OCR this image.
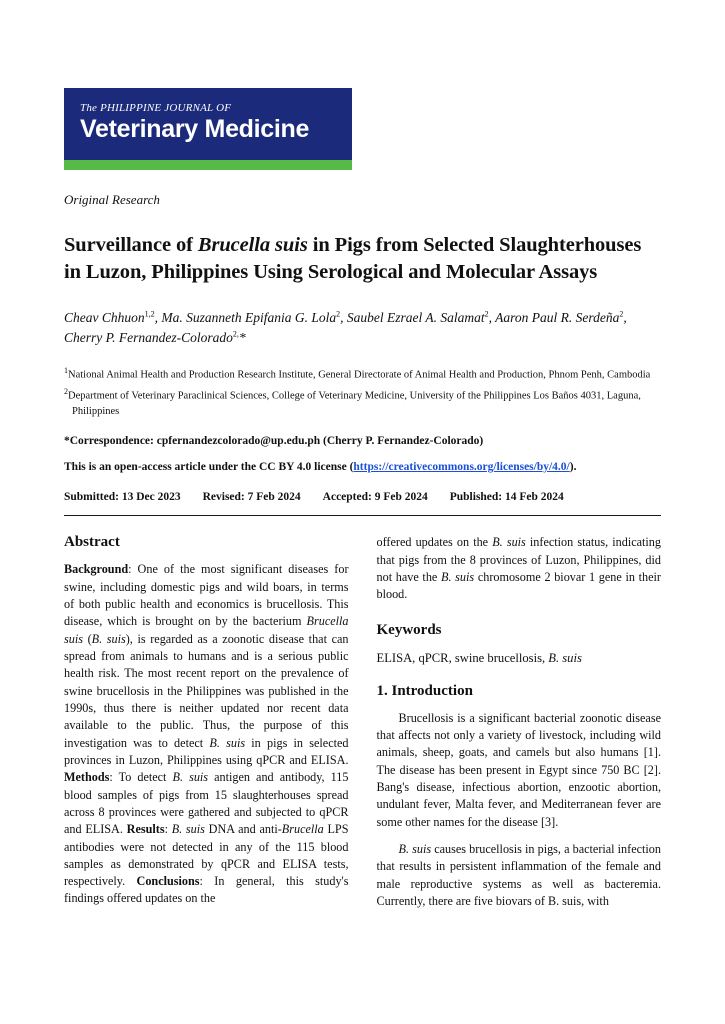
The PHILIPPINE JOURNAL OF
Veterinary Medicine
Original Research
Surveillance of Brucella suis in Pigs from Selected Slaughterhouses in Luzon, Philippines Using Serological and Molecular Assays
Cheav Chhuon$^{1,2}$, Ma. Suzanneth Epifania G. Lola$^2$, Saubel Ezrael A. Salamat$^2$, Aaron Paul R. Serdeña$^2$, Cherry P. Fernandez-Colorado$^{2,}$*
$^1$National Animal Health and Production Research Institute, General Directorate of Animal Health and Production, Phnom Penh, Cambodia
$^2$Department of Veterinary Paraclinical Sciences, College of Veterinary Medicine, University of the Philippines Los Baños 4031, Laguna, Philippines
*Correspondence: cpfernandezcolorado@up.edu.ph (Cherry P. Fernandez-Colorado)
This is an open-access article under the CC BY 4.0 license (https://creativecommons.org/licenses/by/4.0/).
Submitted: 13 Dec 2023 Revised: 7 Feb 2024 Accepted: 9 Feb 2024 Published: 14 Feb 2024
Abstract

Background: One of the most significant diseases for swine, including domestic pigs and wild boars, in terms of both public health and economics is brucellosis. This disease, which is brought on by the bacterium Brucella suis (B. suis), is regarded as a zoonotic disease that can spread from animals to humans and is a serious public health risk. The most recent report on the prevalence of swine brucellosis in the Philippines was published in the 1990s, thus there is neither updated nor recent data available to the public. Thus, the purpose of this investigation was to detect B. suis in pigs in selected provinces in Luzon, Philippines using qPCR and ELISA. Methods: To detect B. suis antigen and antibody, 115 blood samples of pigs from 15 slaughterhouses spread across 8 provinces were gathered and subjected to qPCR and ELISA. Results: B. suis DNA and anti-Brucella LPS antibodies were not detected in any of the 115 blood samples as demonstrated by qPCR and ELISA tests, respectively. Conclusions: In general, this study's findings offered updates on the

offered updates on the B. suis infection status, indicating that pigs from the 8 provinces of Luzon, Philippines, did not have the B. suis chromosome 2 biovar 1 gene in their blood.

Keywords

ELISA, qPCR, swine brucellosis, B. suis

1. Introduction

Brucellosis is a significant bacterial zoonotic disease that affects not only a variety of livestock, including wild animals, sheep, goats, and camels but also humans [1]. The disease has been present in Egypt since 750 BC [2]. Bang's disease, infectious abortion, enzootic abortion, undulant fever, Malta fever, and Mediterranean fever are some other names for the disease [3].

B. suis causes brucellosis in pigs, a bacterial infection that results in persistent inflammation of the female and male reproductive systems as well as bacteremia. Currently, there are five biovars of B. suis, with
